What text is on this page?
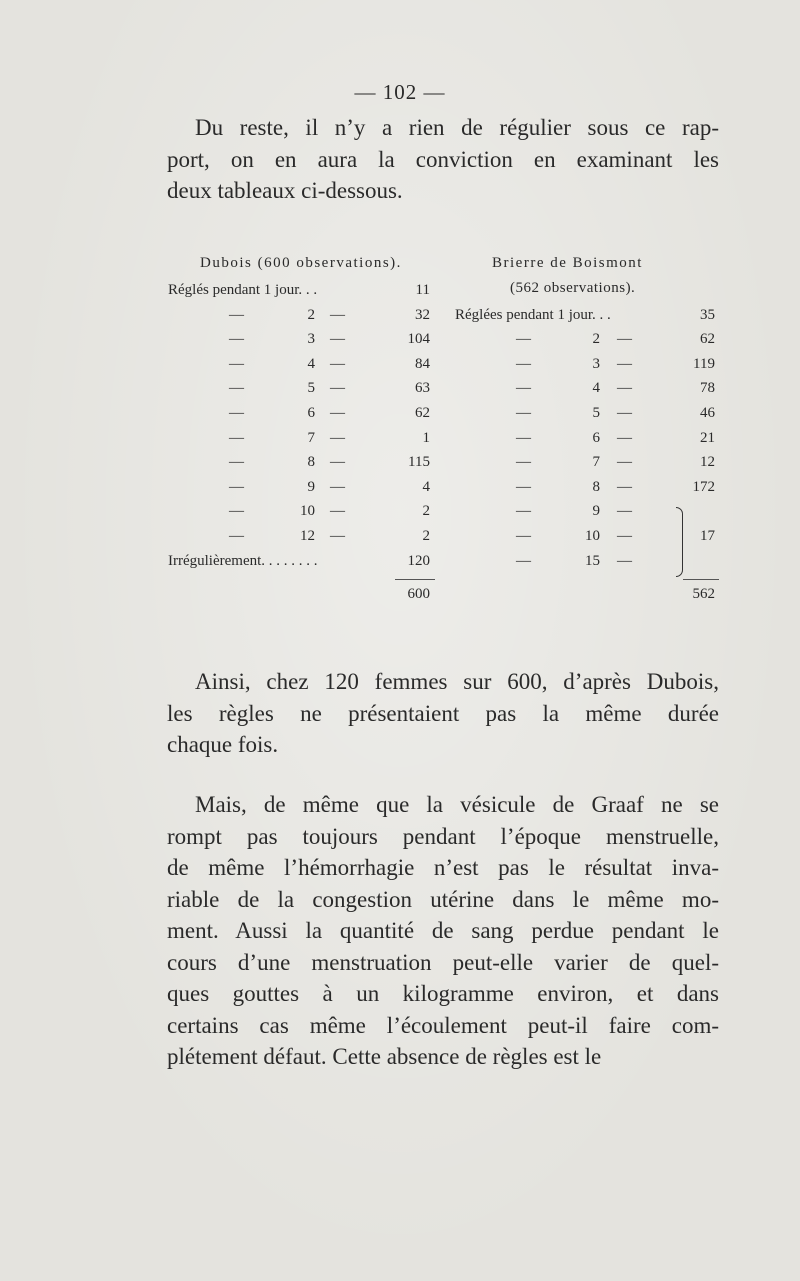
— 102 —
Du reste, il n’y a rien de régulier sous ce rap-
port, on en aura la conviction en examinant les
deux tableaux ci-dessous.
Dubois (600 observations).	Brierre de Boismont
(562 observations).
Réglés pendant 1 jour. . .	11
—	2 —	32
—	3 —	104
—	4 —	84
—	5 —	63
—	6 —	62
—	7 —	1
—	8 —	115
—	9 —	4
—	10 —	2
—	12 —	2
Irrégulièrement. . . . . . . .	120
600
Réglées pendant 1 jour. . .	35
—	2 —	62
—	3 —	119
—	4 —	78
—	5 —	46
—	6 —	21
—	7 —	12
—	8 —	172
—	9 —
—	10 —
—	15 —
17
562
Ainsi, chez 120 femmes sur 600, d’après Dubois,
les règles ne présentaient pas la même durée
chaque fois.
Mais, de même que la vésicule de Graaf ne se
rompt pas toujours pendant l’époque menstruelle,
de même l’hémorrhagie n’est pas le résultat inva-
riable de la congestion utérine dans le même mo-
ment. Aussi la quantité de sang perdue pendant le
cours d’une menstruation peut-elle varier de quel-
ques gouttes à un kilogramme environ, et dans
certains cas même l’écoulement peut-il faire com-
plétement défaut. Cette absence de règles est le
